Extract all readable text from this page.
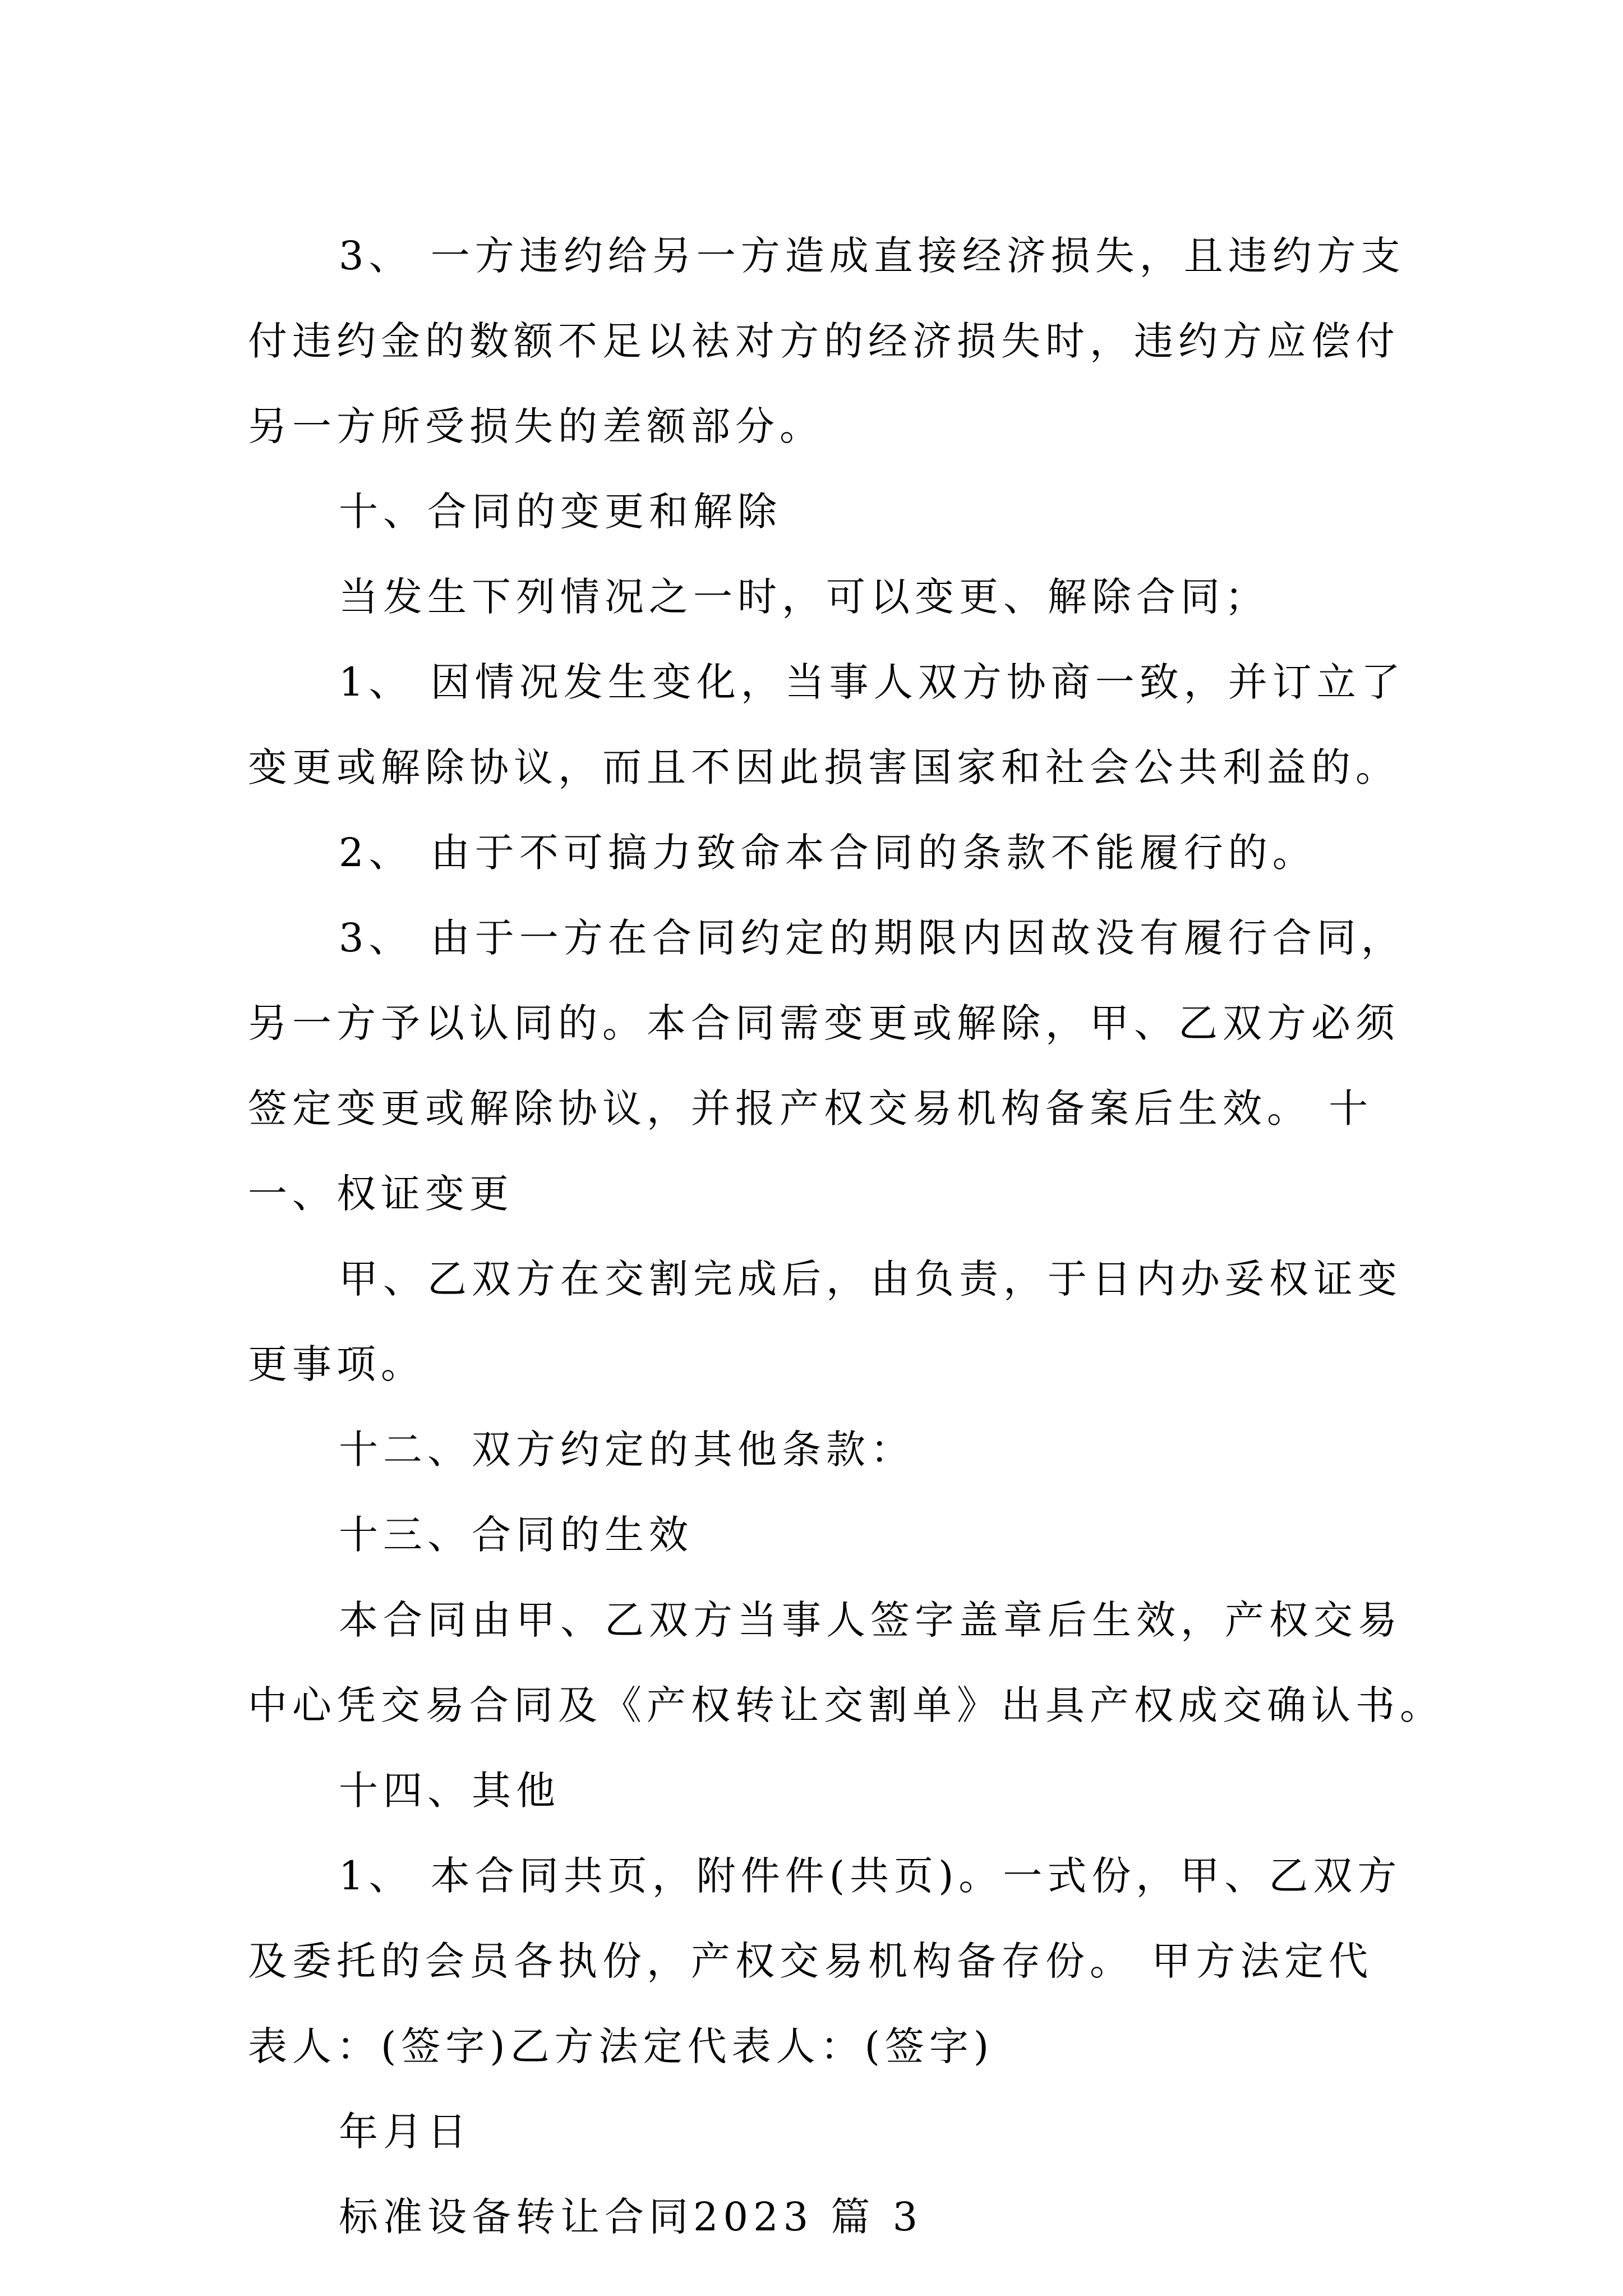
3、 一方违约给另一方造成直接经济损失，且违约方支
付违约金的数额不足以袪对方的经济损失时，违约方应偿付
另一方所受损失的差额部分。
十、合同的变更和解除
当发生下列情况之一时，可以变更、解除合同；
1、 因情况发生变化，当事人双方协商一致，并订立了
变更或解除协议，而且不因此损害国家和社会公共利益的。
2、 由于不可搞力致命本合同的条款不能履行的。
3、 由于一方在合同约定的期限内因故没有履行合同，
另一方予以认同的。本合同需变更或解除，甲、乙双方必须
签定变更或解除协议，并报产权交易机构备案后生效。 十
一、权证变更
甲、乙双方在交割完成后，由负责，于日内办妥权证变
更事项。
十二、双方约定的其他条款：
十三、合同的生效
本合同由甲、乙双方当事人签字盖章后生效，产权交易
中心凭交易合同及《产权转让交割单》出具产权成交确认书。
十四、其他
1、 本合同共页，附件件(共页)。一式份，甲、乙双方
及委托的会员各执份，产权交易机构备存份。 甲方法定代
表人：(签字)乙方法定代表人：(签字)
年月日
标准设备转让合同2023 篇 3
